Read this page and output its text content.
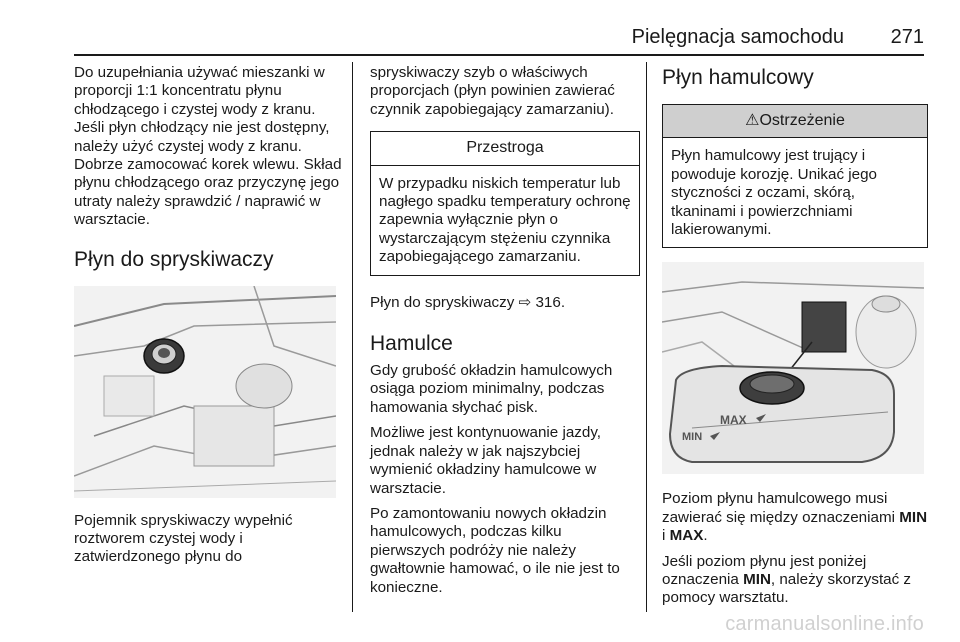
Pielęgnacja samochodu 271

Do uzupełniania używać mieszanki w proporcji 1:1 koncentratu płynu chłodzącego i czystej wody z kranu. Jeśli płyn chłodzący nie jest dostępny, należy użyć czystej wody z kranu. Dobrze zamocować korek wlewu. Skład płynu chłodzącego oraz przyczynę jego utraty należy sprawdzić / naprawić w warsztacie.

Płyn do spryskiwaczy

Pojemnik spryskiwaczy wypełnić roztworem czystej wody i zatwierdzonego płynu do

spryskiwaczy szyb o właściwych proporcjach (płyn powinien zawierać czynnik zapobiegający zamarzaniu).

Przestroga
W przypadku niskich temperatur lub nagłego spadku temperatury ochronę zapewnia wyłącznie płyn o wystarczającym stężeniu czynnika zapobiegającego zamarzaniu.

Płyn do spryskiwaczy ⇨ 316.

Hamulce

Gdy grubość okładzin hamulcowych osiąga poziom minimalny, podczas hamowania słychać pisk.

Możliwe jest kontynuowanie jazdy, jednak należy w jak najszybciej wymienić okładziny hamulcowe w warsztacie.

Po zamontowaniu nowych okładzin hamulcowych, podczas kilku pierwszych podróży nie należy gwałtownie hamować, o ile nie jest to konieczne.

Płyn hamulcowy
⚠Ostrzeżenie
Płyn hamulcowy jest trujący i powoduje korozję. Unikać jego styczności z oczami, skórą, tkaninami i powierzchniami lakierowanymi.
MAX
MIN

Poziom płynu hamulcowego musi zawierać się między oznaczeniami MIN i MAX.

Jeśli poziom płynu jest poniżej oznaczenia MIN, należy skorzystać z pomocy warsztatu.

carmanualsonline.info
